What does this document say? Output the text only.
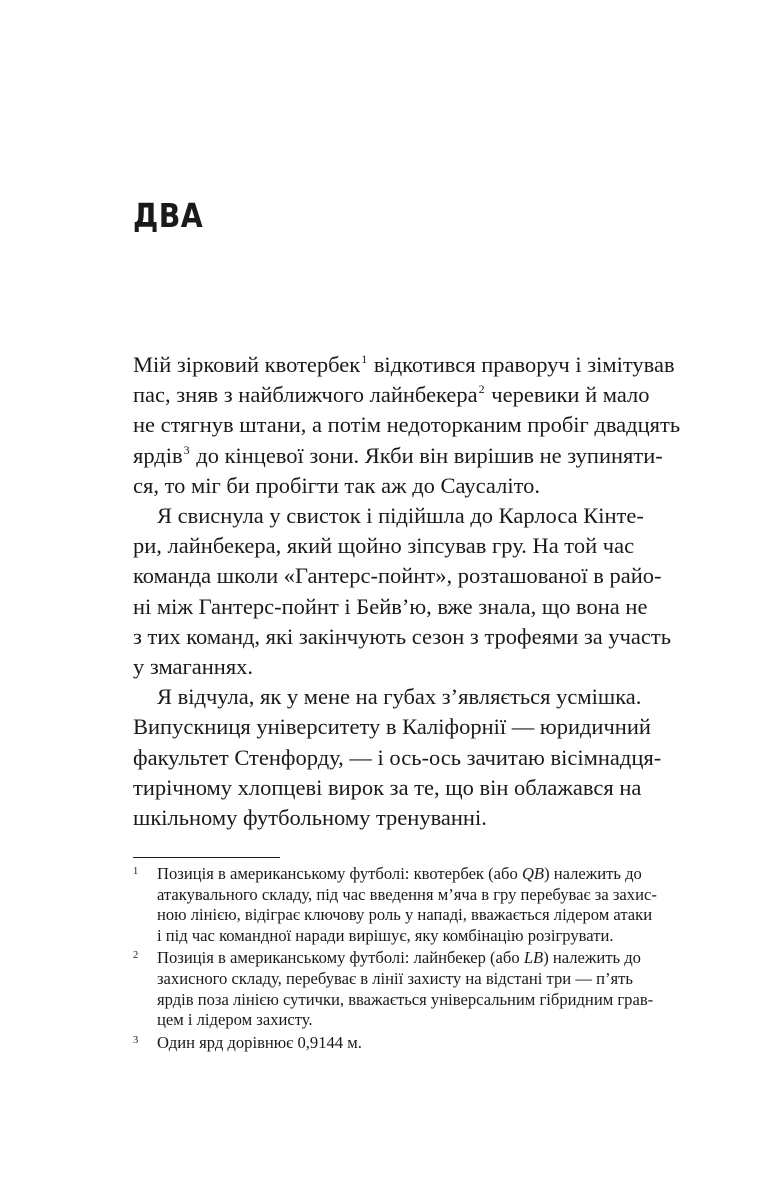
ДВА
Мій зірковий квотербек$^1$ відкотився праворуч і зімітував
пас, зняв з найближчого лайнбекера$^2$ черевики й мало
не стягнув штани, а потім недоторканим пробіг двадцять
ярдів$^3$ до кінцевої зони. Якби він вирішив не зупиняти-
ся, то міг би пробігти так аж до Саусаліто.
Я свиснула у свисток і підійшла до Карлоса Кінте-
ри, лайнбекера, який щойно зіпсував гру. На той час
команда школи «Гантерс-пойнт», розташованої в райо-
ні між Гантерс-пойнт і Бейв’ю, вже знала, що вона не
з тих команд, які закінчують сезон з трофеями за участь
у змаганнях.
Я відчула, як у мене на губах з’являється усмішка.
Випускниця університету в Каліфорнії — юридичний
факультет Стенфорду, — і ось-ось зачитаю вісімнадця-
тирічному хлопцеві вирок за те, що він облажався на
шкільному футбольному тренуванні.
1 Позиція в американському футболі: квотербек (або QB) належить до
атакувального складу, під час введення м’яча в гру перебуває за захис-
ною лінією, відіграє ключову роль у нападі, вважається лідером атаки
і під час командної наради вирішує, яку комбінацію розігрувати.
2 Позиція в американському футболі: лайнбекер (або LB) належить до
захисного складу, перебуває в лінії захисту на відстані три — п’ять
ярдів поза лінією сутички, вважається універсальним гібридним грав-
цем і лідером захисту.
3 Один ярд дорівнює 0,9144 м.
